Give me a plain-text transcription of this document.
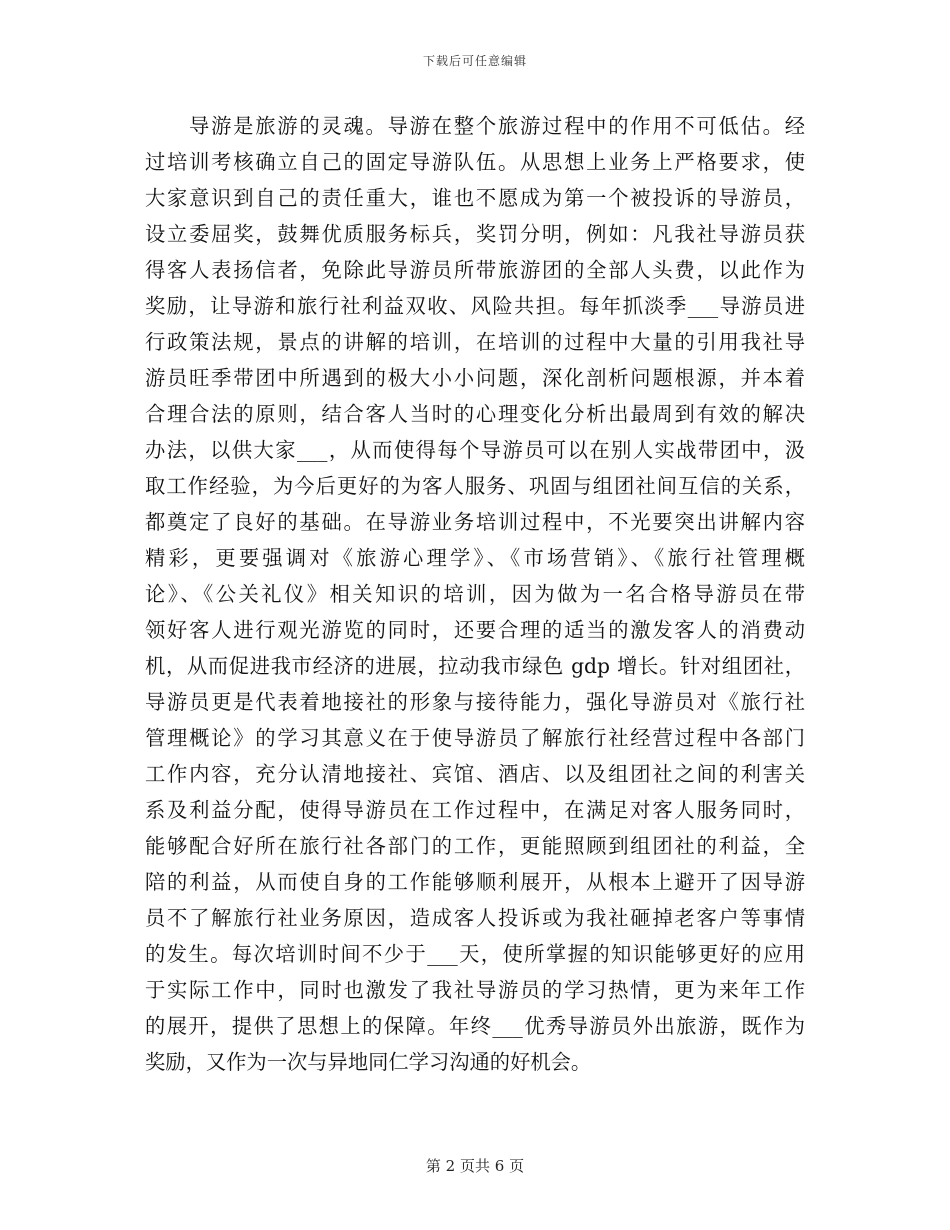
下载后可任意编辑
导游是旅游的灵魂。导游在整个旅游过程中的作用不可低估。经
过培训考核确立自己的固定导游队伍。从思想上业务上严格要求，使
大家意识到自己的责任重大，谁也不愿成为第一个被投诉的导游员，
设立委屈奖，鼓舞优质服务标兵，奖罚分明，例如：凡我社导游员获
得客人表扬信者，免除此导游员所带旅游团的全部人头费，以此作为
奖励，让导游和旅行社利益双收、风险共担。每年抓淡季___导游员进
行政策法规，景点的讲解的培训，在培训的过程中大量的引用我社导
游员旺季带团中所遇到的极大小小问题，深化剖析问题根源，并本着
合理合法的原则，结合客人当时的心理变化分析出最周到有效的解决
办法，以供大家___，从而使得每个导游员可以在别人实战带团中，汲
取工作经验，为今后更好的为客人服务、巩固与组团社间互信的关系，
都奠定了良好的基础。在导游业务培训过程中，不光要突出讲解内容
精彩，更要强调对《旅游心理学》、《市场营销》、《旅行社管理概
论》、《公关礼仪》相关知识的培训，因为做为一名合格导游员在带
领好客人进行观光游览的同时，还要合理的适当的激发客人的消费动
机，从而促进我市经济的进展，拉动我市绿色 gdp 增长。针对组团社，
导游员更是代表着地接社的形象与接待能力，强化导游员对《旅行社
管理概论》的学习其意义在于使导游员了解旅行社经营过程中各部门
工作内容，充分认清地接社、宾馆、酒店、以及组团社之间的利害关
系及利益分配，使得导游员在工作过程中，在满足对客人服务同时，
能够配合好所在旅行社各部门的工作，更能照顾到组团社的利益，全
陪的利益，从而使自身的工作能够顺利展开，从根本上避开了因导游
员不了解旅行社业务原因，造成客人投诉或为我社砸掉老客户等事情
的发生。每次培训时间不少于___天，使所掌握的知识能够更好的应用
于实际工作中，同时也激发了我社导游员的学习热情，更为来年工作
的展开，提供了思想上的保障。年终___优秀导游员外出旅游，既作为
奖励，又作为一次与异地同仁学习沟通的好机会。
第 2 页共 6 页
